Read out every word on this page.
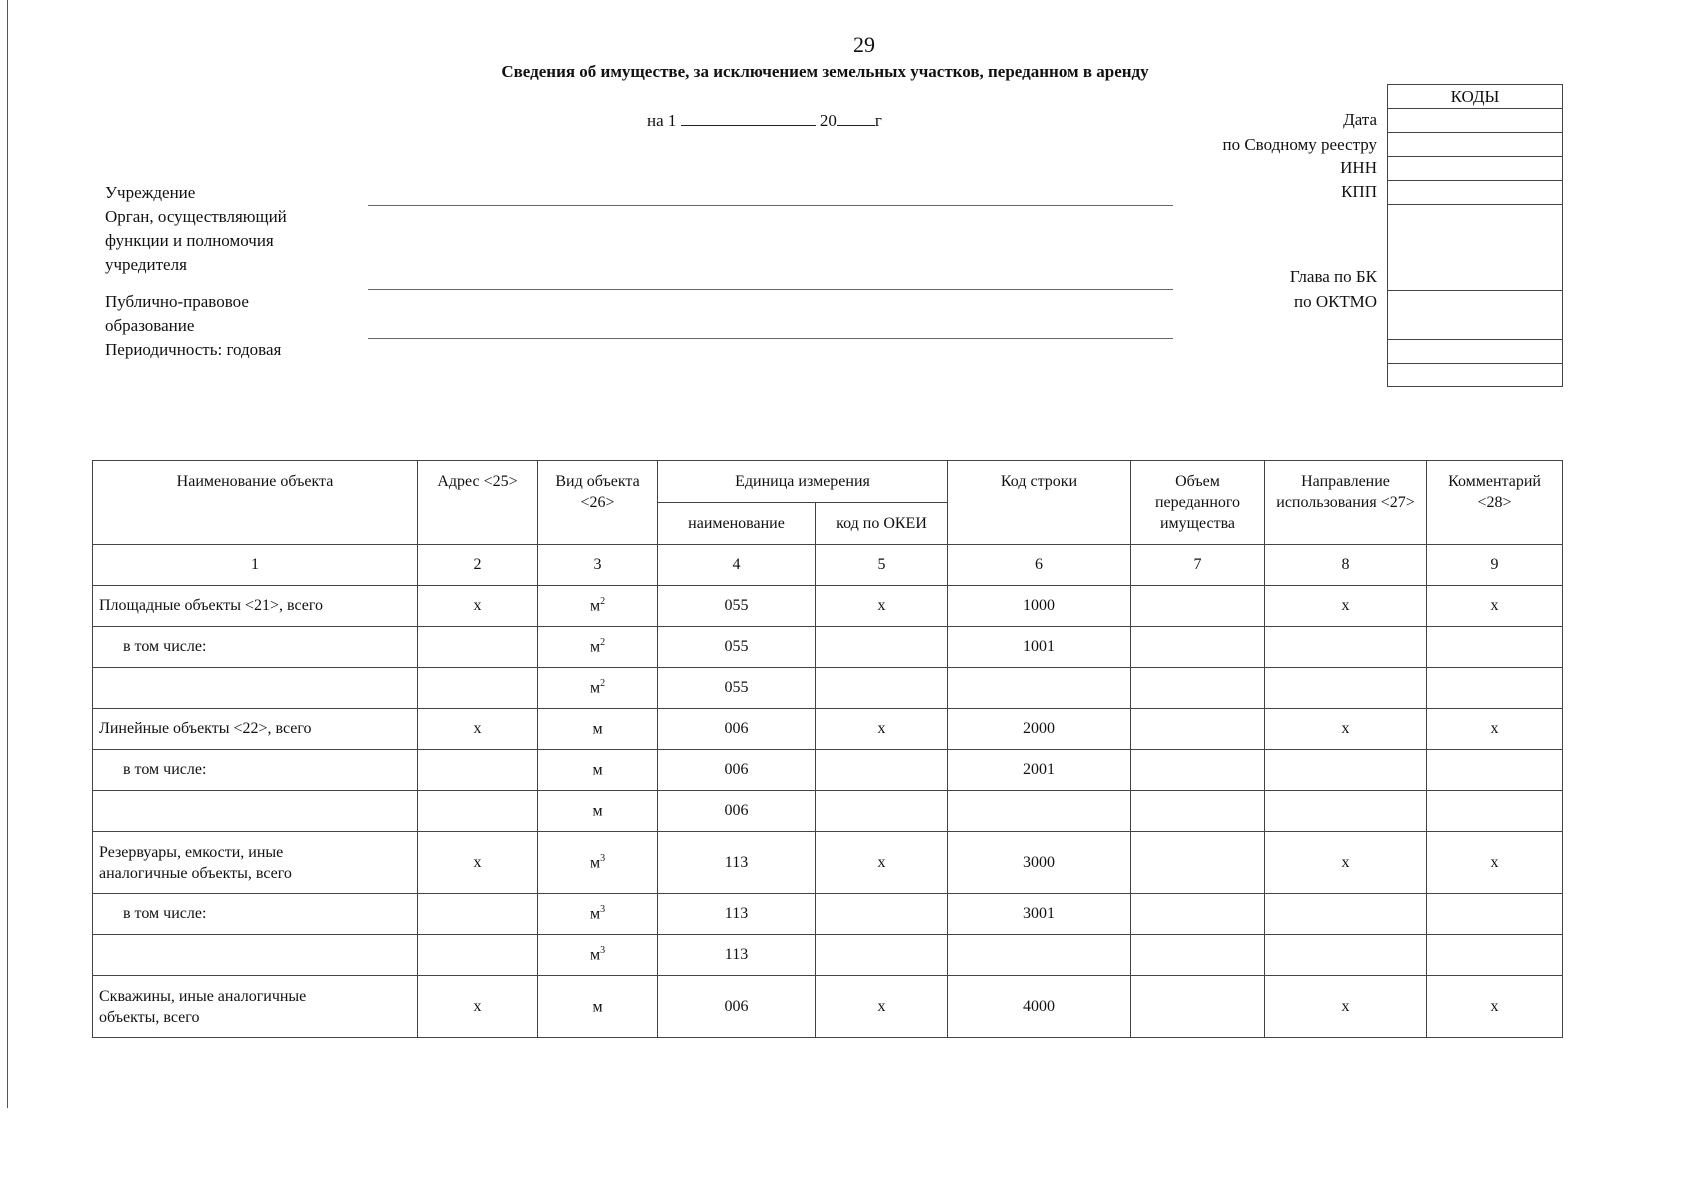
29
Сведения об имуществе, за исключением земельных участков, переданном в аренду
на 1	20 г
Учреждение
Орган, осуществляющий
функции и полномочия
учредителя
Публично-правовое
образование
Периодичность: годовая
Дата
по Сводному реестру
ИНН
КПП
Глава по БК
по ОКТМО
КОДЫ
Наименование объекта	Адрес <25>	Вид объекта <26>	Единица измерения		Код строки	Объем переданного имущества	Направление использования <27>	Комментарий <28>
			наименование	код по ОКЕИ				
1	2	3	4	5	6	7	8	9
Площадные объекты <21>, всего	x	$м^2$	055	x	1000		x	x
в том числе:		$м^2$	055		1001			
		$м^2$	055					
Линейные объекты <22>, всего	x	м	006	x	2000		x	x
в том числе:		м	006		2001			
		м	006					

Резервуары, емкости, иные
аналогичные объекты, всего	x	$м^3$	113	x	3000		x	x
в том числе:		$м^3$	113		3001			
		$м^3$	113					

Скважины, иные аналогичные
объекты, всего	x	м	006	x	4000		x	x
